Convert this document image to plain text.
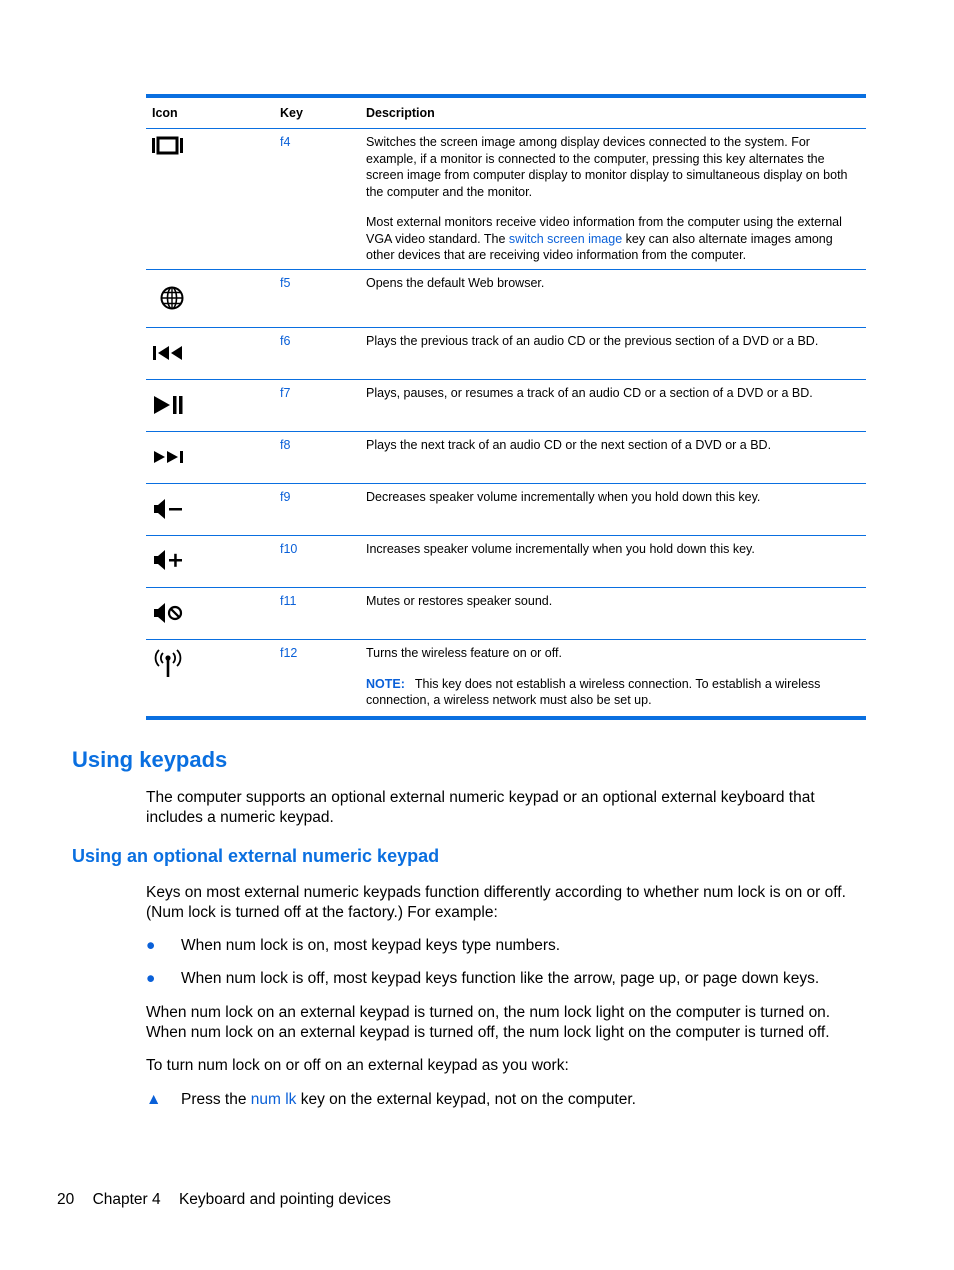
Icon	Key	Description
f4	Switches the screen image among display devices connected to the system. For example, if a monitor is connected to the computer, pressing this key alternates the screen image from computer display to monitor display to simultaneous display on both the computer and the monitor.

Most external monitors receive video information from the computer using the external VGA video standard. The switch screen image key can also alternate images among other devices that are receiving video information from the computer.

f5	Opens the default Web browser.
f6	Plays the previous track of an audio CD or the previous section of a DVD or a BD.
f7	Plays, pauses, or resumes a track of an audio CD or a section of a DVD or a BD.
f8	Plays the next track of an audio CD or the next section of a DVD or a BD.
f9	Decreases speaker volume incrementally when you hold down this key.
f10	Increases speaker volume incrementally when you hold down this key.
f11	Mutes or restores speaker sound.
f12	Turns the wireless feature on or off.

NOTE: This key does not establish a wireless connection. To establish a wireless connection, a wireless network must also be set up.

Using keypads

The computer supports an optional external numeric keypad or an optional external keyboard that includes a numeric keypad.

Using an optional external numeric keypad

Keys on most external numeric keypads function differently according to whether num lock is on or off. (Num lock is turned off at the factory.) For example:

●	When num lock is on, most keypad keys type numbers.
●	When num lock is off, most keypad keys function like the arrow, page up, or page down keys.

When num lock on an external keypad is turned on, the num lock light on the computer is turned on. When num lock on an external keypad is turned off, the num lock light on the computer is turned off.

To turn num lock on or off on an external keypad as you work:

▲	Press the num lk key on the external keypad, not on the computer.
20 Chapter 4 Keyboard and pointing devices
